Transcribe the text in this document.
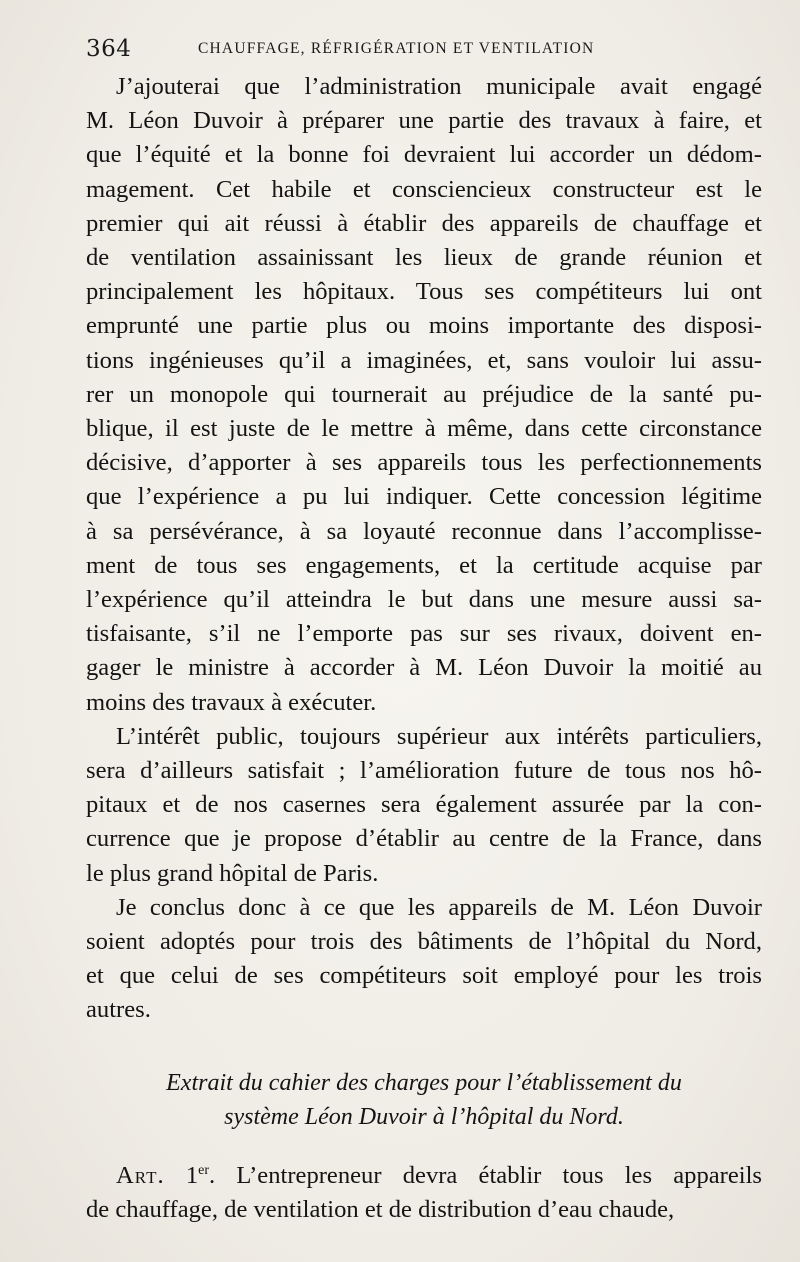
364	CHAUFFAGE, RÉFRIGÉRATION ET VENTILATION

J’ajouterai que l’administration municipale avait engagé
M. Léon Duvoir à préparer une partie des travaux à faire, et
que l’équité et la bonne foi devraient lui accorder un dédom-
magement. Cet habile et consciencieux constructeur est le
premier qui ait réussi à établir des appareils de chauffage et
de ventilation assainissant les lieux de grande réunion et
principalement les hôpitaux. Tous ses compétiteurs lui ont
emprunté une partie plus ou moins importante des disposi-
tions ingénieuses qu’il a imaginées, et, sans vouloir lui assu-
rer un monopole qui tournerait au préjudice de la santé pu-
blique, il est juste de le mettre à même, dans cette circonstance
décisive, d’apporter à ses appareils tous les perfectionnements
que l’expérience a pu lui indiquer. Cette concession légitime
à sa persévérance, à sa loyauté reconnue dans l’accomplisse-
ment de tous ses engagements, et la certitude acquise par
l’expérience qu’il atteindra le but dans une mesure aussi sa-
tisfaisante, s’il ne l’emporte pas sur ses rivaux, doivent en-
gager le ministre à accorder à M. Léon Duvoir la moitié au
moins des travaux à exécuter.

L’intérêt public, toujours supérieur aux intérêts particuliers,
sera d’ailleurs satisfait ; l’amélioration future de tous nos hô-
pitaux et de nos casernes sera également assurée par la con-
currence que je propose d’établir au centre de la France, dans
le plus grand hôpital de Paris.

Je conclus donc à ce que les appareils de M. Léon Duvoir
soient adoptés pour trois des bâtiments de l’hôpital du Nord,
et que celui de ses compétiteurs soit employé pour les trois
autres.

Extrait du cahier des charges pour l’établissement du
système Léon Duvoir à l’hôpital du Nord.
Art. 1er. L’entrepreneur devra établir tous les appareils
de chauffage, de ventilation et de distribution d’eau chaude,
